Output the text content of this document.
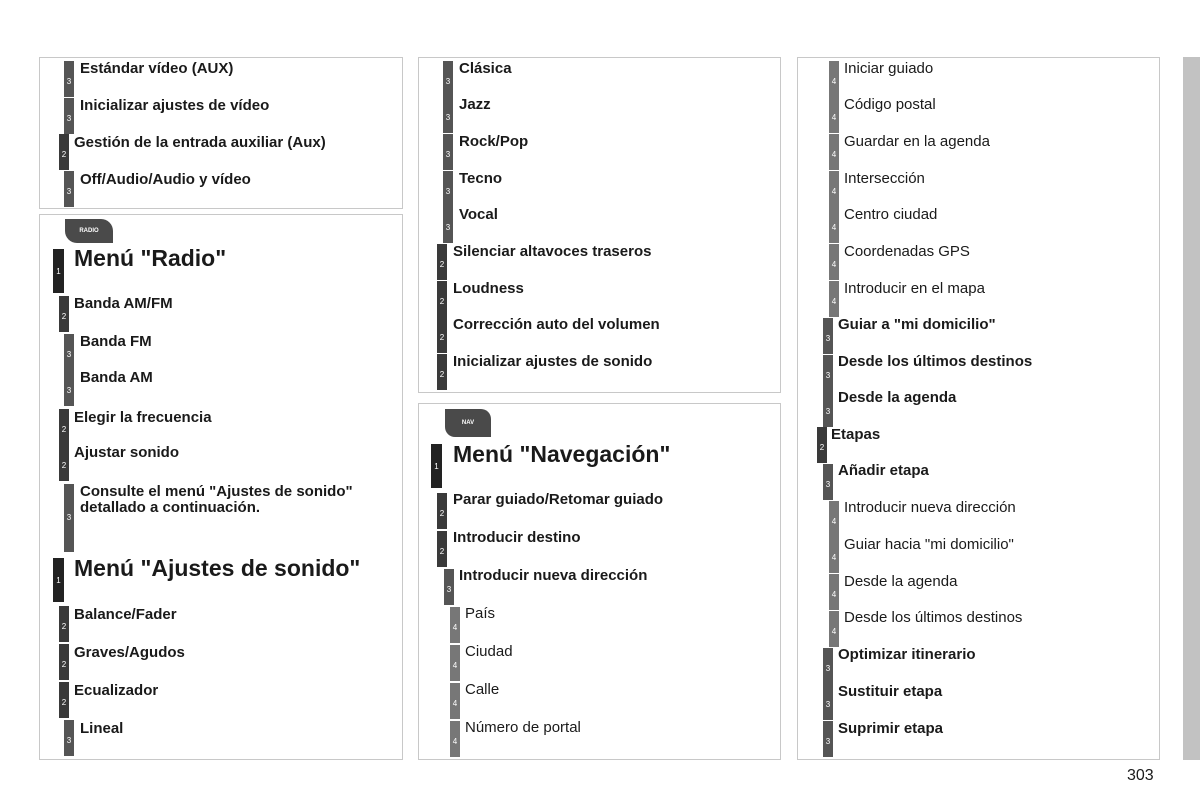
3
Estándar vídeo (AUX)
3
Inicializar ajustes de vídeo
2
Gestión de la entrada auxiliar (Aux)
3
Off/Audio/Audio y vídeo
RADIO
1
Menú "Radio"
2
Banda AM/FM
3
Banda FM
3
Banda AM
2
Elegir la frecuencia
2
Ajustar sonido
3
Consulte el menú "Ajustes de sonido"
detallado a continuación.
1 Menú "Ajustes de sonido"
2
Balance/Fader
2
Graves/Agudos
2
Ecualizador
3
Lineal
3
Clásica
3
Jazz
3
Rock/Pop
3
Tecno
3
Vocal
2
Silenciar altavoces traseros
2
Loudness
2
Corrección auto del volumen
2
Inicializar ajustes de sonido
NAV
1 Menú "Navegación"
2
Parar guiado/Retomar guiado
2
Introducir destino
3
Introducir nueva dirección
4
País
4
Ciudad
4
Calle
4
Número de portal
4
Iniciar guiado
4
Código postal
4
Guardar en la agenda
4
Intersección
4
Centro ciudad
4
Coordenadas GPS
4
Introducir en el mapa
3
Guiar a "mi domicilio"
3
Desde los últimos destinos
3
Desde la agenda
2
Etapas
3
Añadir etapa
4
Introducir nueva dirección
4
Guiar hacia "mi domicilio"
4
Desde la agenda
4
Desde los últimos destinos
3
Optimizar itinerario
3
Sustituir etapa
3
Suprimir etapa
303
